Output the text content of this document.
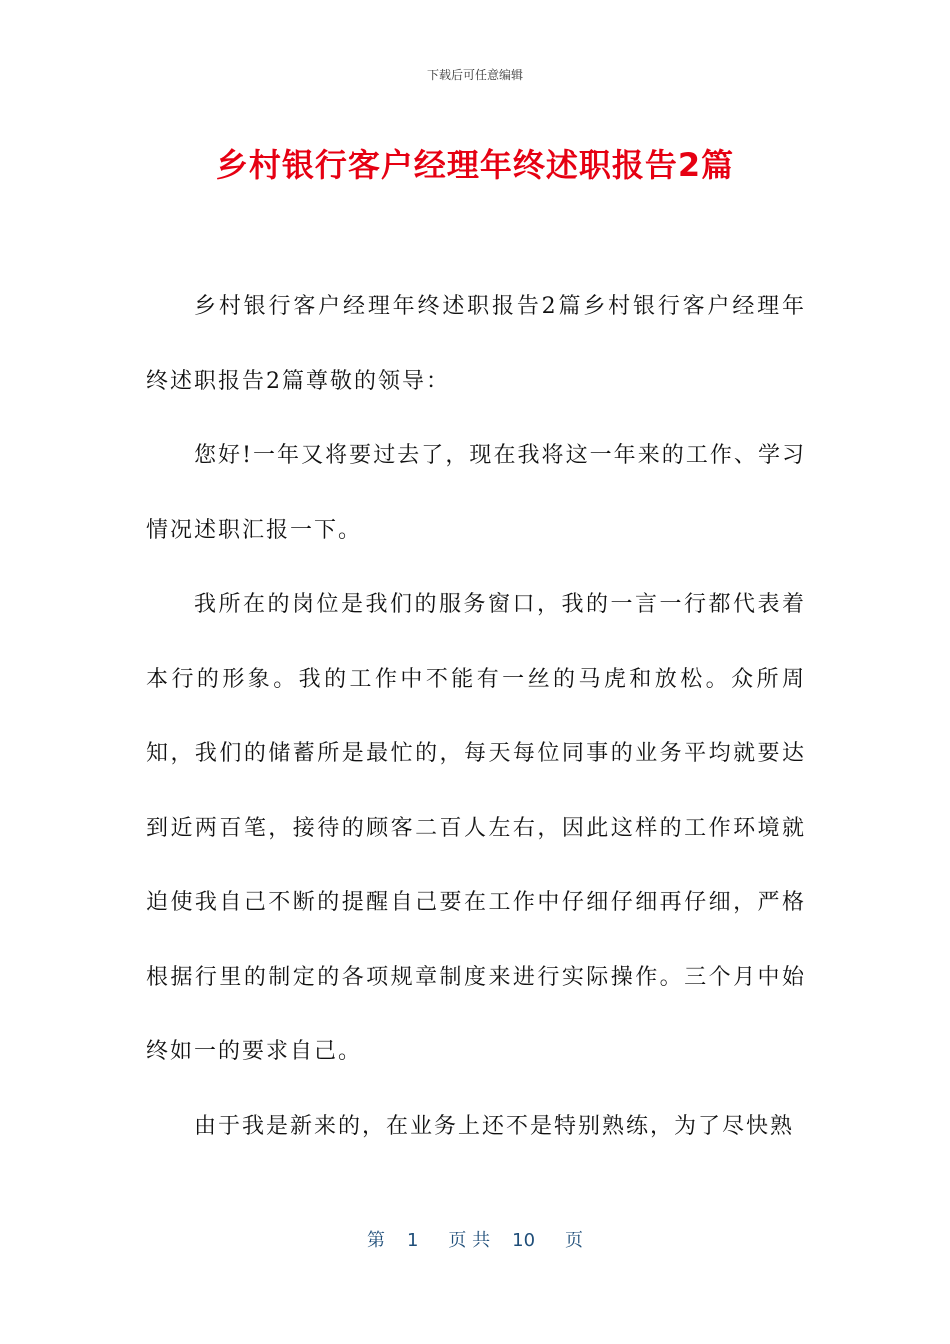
下载后可任意编辑
乡村银行客户经理年终述职报告2篇

乡村银行客户经理年终述职报告2篇乡村银行客户经理年终述职报告2篇尊敬的领导：

您好!一年又将要过去了，现在我将这一年来的工作、学习情况述职汇报一下。

我所在的岗位是我们的服务窗口，我的一言一行都代表着本行的形象。我的工作中不能有一丝的马虎和放松。众所周知，我们的储蓄所是最忙的，每天每位同事的业务平均就要达到近两百笔，接待的顾客二百人左右，因此这样的工作环境就迫使我自己不断的提醒自己要在工作中仔细仔细再仔细，严格根据行里的制定的各项规章制度来进行实际操作。三个月中始终如一的要求自己。

由于我是新来的，在业务上还不是特别熟练，为了尽快熟

第 1 页 共 10 页
